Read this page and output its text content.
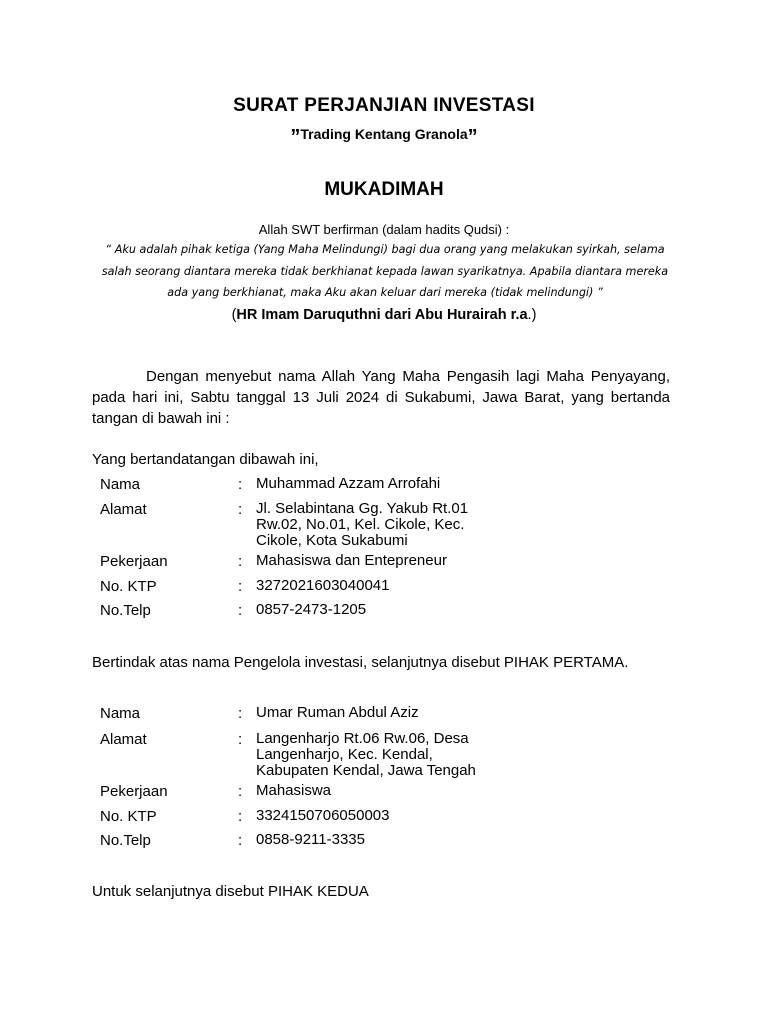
SURAT PERJANJIAN INVESTASI
”Trading Kentang Granola”
MUKADIMAH
Allah SWT berfirman (dalam hadits Qudsi) :
“ Aku adalah pihak ketiga (Yang Maha Melindungi) bagi dua orang yang melakukan syirkah, selama salah seorang diantara mereka tidak berkhianat kepada lawan syarikatnya. Apabila diantara mereka ada yang berkhianat, maka Aku akan keluar dari mereka (tidak melindungi) ”
(HR Imam Daruquthni dari Abu Hurairah r.a.)
Dengan menyebut nama Allah Yang Maha Pengasih lagi Maha Penyayang, pada hari ini, Sabtu tanggal 13 Juli 2024 di Sukabumi, Jawa Barat, yang bertanda tangan di bawah ini :
Yang bertandatangan dibawah ini,
Nama	: Muhammad Azzam Arrofahi
Alamat	: Jl. Selabintana Gg. Yakub Rt.01 Rw.02, No.01, Kel. Cikole, Kec. Cikole, Kota Sukabumi
Pekerjaan	: Mahasiswa dan Entepreneur
No. KTP	: 3272021603040041
No.Telp	: 0857-2473-1205
Bertindak atas nama Pengelola investasi, selanjutnya disebut PIHAK PERTAMA.
Nama	: Umar Ruman Abdul Aziz
Alamat	: Langenharjo Rt.06 Rw.06, Desa Langenharjo, Kec. Kendal, Kabupaten Kendal, Jawa Tengah
Pekerjaan	: Mahasiswa
No. KTP	: 3324150706050003
No.Telp	: 0858-9211-3335
Untuk selanjutnya disebut PIHAK KEDUA
